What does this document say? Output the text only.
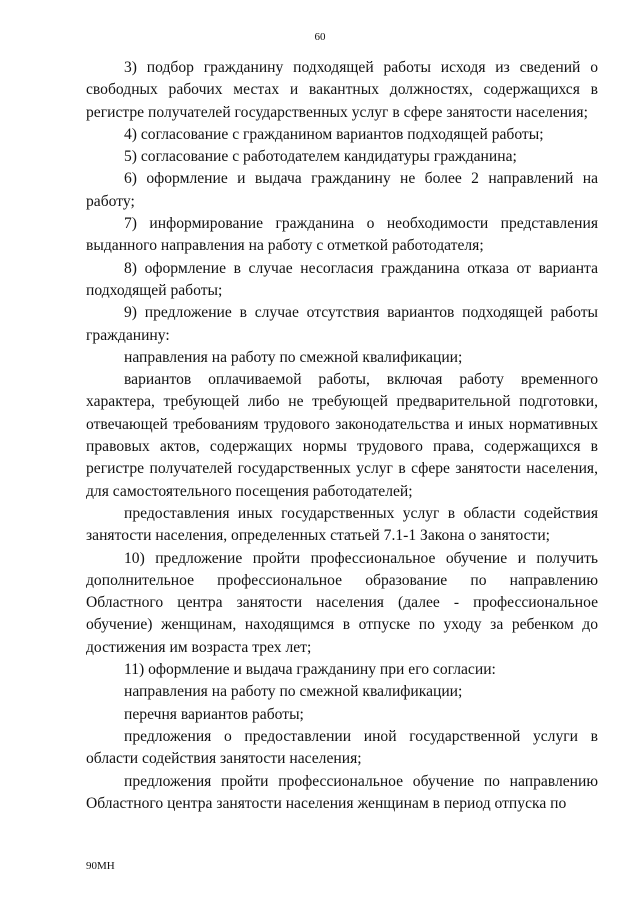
60

3) подбор гражданину подходящей работы исходя из сведений о свободных рабочих местах и вакантных должностях, содержащихся в регистре получателей государственных услуг в сфере занятости населения;

4) согласование с гражданином вариантов подходящей работы;

5) согласование с работодателем кандидатуры гражданина;

6) оформление и выдача гражданину не более 2 направлений на работу;

7) информирование гражданина о необходимости представления выданного направления на работу с отметкой работодателя;

8) оформление в случае несогласия гражданина отказа от варианта подходящей работы;

9) предложение в случае отсутствия вариантов подходящей работы гражданину:

направления на работу по смежной квалификации;

вариантов оплачиваемой работы, включая работу временного характера, требующей либо не требующей предварительной подготовки, отвечающей требованиям трудового законодательства и иных нормативных правовых актов, содержащих нормы трудового права, содержащихся в регистре получателей государственных услуг в сфере занятости населения, для самостоятельного посещения работодателей;

предоставления иных государственных услуг в области содействия занятости населения, определенных статьей 7.1-1 Закона о занятости;

10) предложение пройти профессиональное обучение и получить дополнительное профессиональное образование по направлению Областного центра занятости населения (далее - профессиональное обучение) женщинам, находящимся в отпуске по уходу за ребенком до достижения им возраста трех лет;

11) оформление и выдача гражданину при его согласии:

направления на работу по смежной квалификации;

перечня вариантов работы;

предложения о предоставлении иной государственной услуги в области содействия занятости населения;

предложения пройти профессиональное обучение по направлению Областного центра занятости населения женщинам в период отпуска по

90МН
